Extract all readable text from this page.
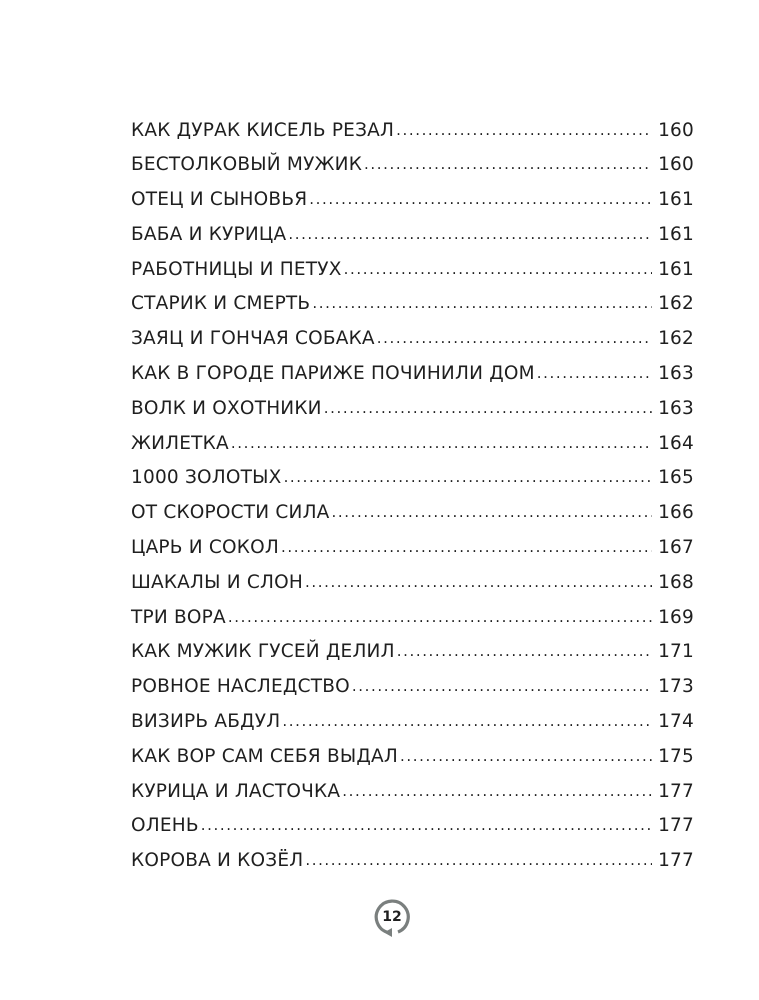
КАК ДУРАК КИСЕЛЬ РЕЗАЛ .....	160
БЕСТОЛКОВЫЙ МУЖИК .....	160
ОТЕЦ И СЫНОВЬЯ .....	161
БАБА И КУРИЦА .....	161
РАБОТНИЦЫ И ПЕТУХ .....	161
СТАРИК И СМЕРТЬ .....	162
ЗАЯЦ И ГОНЧАЯ СОБАКА .....	162
КАК В ГОРОДЕ ПАРИЖЕ ПОЧИНИЛИ ДОМ .....	163
ВОЛК И ОХОТНИКИ .....	163
ЖИЛЕТКА .....	164
1000 ЗОЛОТЫХ .....	165
ОТ СКОРОСТИ СИЛА .....	166
ЦАРЬ И СОКОЛ .....	167
ШАКАЛЫ И СЛОН .....	168
ТРИ ВОРА .....	169
КАК МУЖИК ГУСЕЙ ДЕЛИЛ .....	171
РОВНОЕ НАСЛЕДСТВО .....	173
ВИЗИРЬ АБДУЛ .....	174
КАК ВОР САМ СЕБЯ ВЫДАЛ .....	175
КУРИЦА И ЛАСТОЧКА .....	177
ОЛЕНЬ .....	177
КОРОВА И КОЗЁЛ .....	177
12
